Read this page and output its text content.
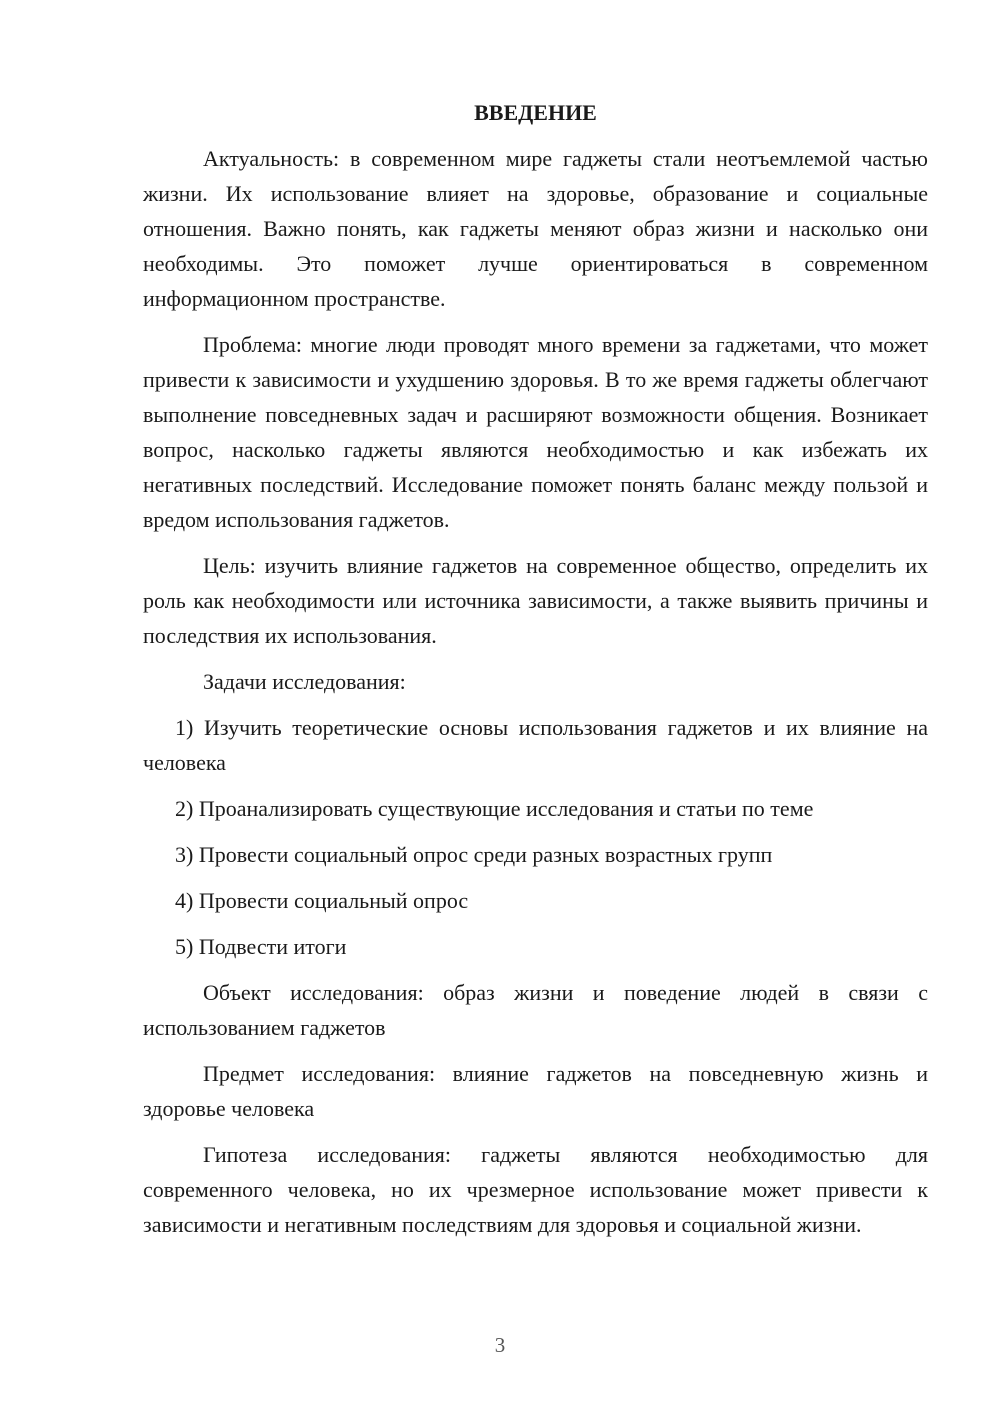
ВВЕДЕНИЕ

Актуальность: в современном мире гаджеты стали неотъемлемой частью жизни. Их использование влияет на здоровье, образование и социальные отношения. Важно понять, как гаджеты меняют образ жизни и насколько они необходимы. Это поможет лучше ориентироваться в современном информационном пространстве.

Проблема: многие люди проводят много времени за гаджетами, что может привести к зависимости и ухудшению здоровья. В то же время гаджеты облегчают выполнение повседневных задач и расширяют возможности общения. Возникает вопрос, насколько гаджеты являются необходимостью и как избежать их негативных последствий. Исследование поможет понять баланс между пользой и вредом использования гаджетов.

Цель: изучить влияние гаджетов на современное общество, определить их роль как необходимости или источника зависимости, а также выявить причины и последствия их использования.

Задачи исследования:

1) Изучить теоретические основы использования гаджетов и их влияние на человека

2) Проанализировать существующие исследования и статьи по теме

3) Провести социальный опрос среди разных возрастных групп

4) Провести социальный опрос

5) Подвести итоги

Объект исследования: образ жизни и поведение людей в связи с использованием гаджетов

Предмет исследования: влияние гаджетов на повседневную жизнь и здоровье человека

Гипотеза исследования: гаджеты являются необходимостью для современного человека, но их чрезмерное использование может привести к зависимости и негативным последствиям для здоровья и социальной жизни.

3
